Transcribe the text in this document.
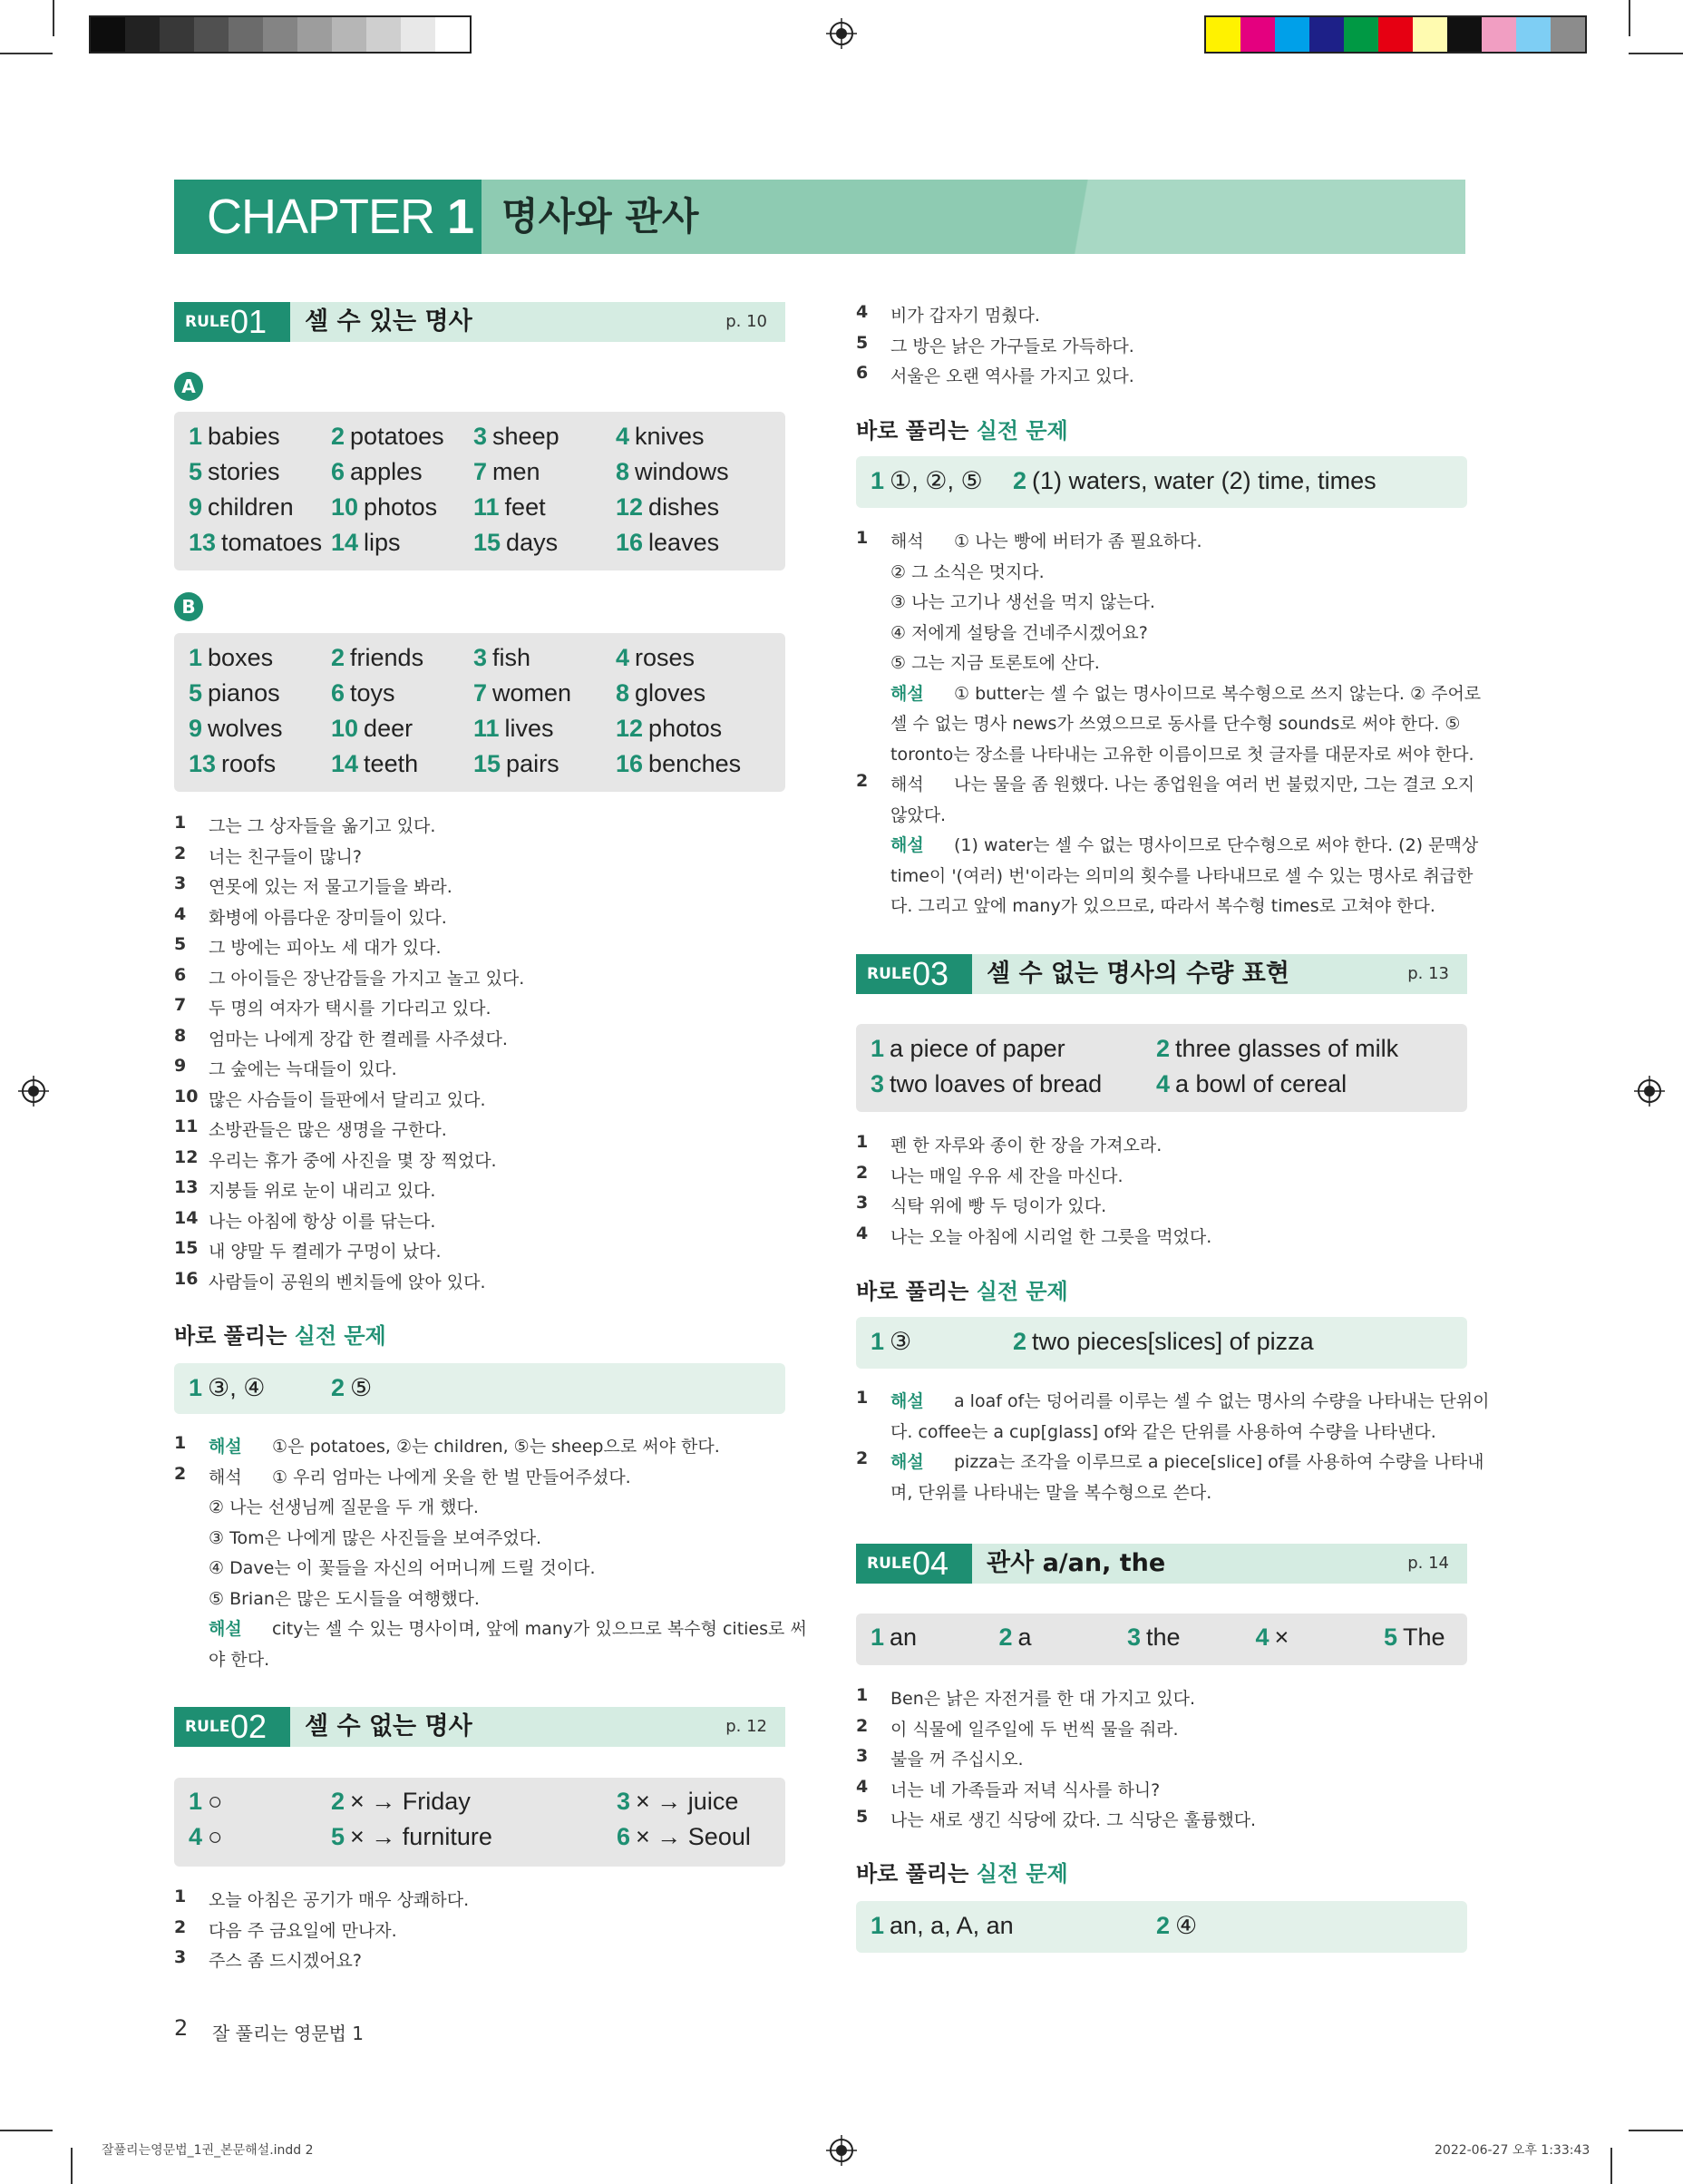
CHAPTER 1 명사와 관사
RULE 01 셀 수 있는 명사	p. 10
A
B
바로 풀리는 실전 문제
RULE 02 셀 수 없는 명사	p. 12
2 잘 풀리는 영문법 1
바로 풀리는 실전 문제
RULE 03 셀 수 없는 명사의 수량 표현	p. 13
바로 풀리는 실전 문제
RULE 04 관사 a/an, the	p. 14
바로 풀리는 실전 문제
잘풀리는영문법_1권_본문해설.indd 2	2022-06-27 오후 1:33:43
1 babies 2 potatoes 3 sheep 4 knives
5 stories 6 apples 7 men	8 windows
9 children 10 photos 11 feet	12 dishes
13 tomatoes 14 lips	15 days 16 leaves
1 boxes 2 friends 3 fish	4 roses
5 pianos 6 toys	7 women 8 gloves
9 wolves 10 deer 11 lives	12 photos
13 roofs 14 teeth 15 pairs 16 benches
1 ○	2 × → Friday	3 × → juice
4 ○	5 × → furniture	6 × → Seoul
1 a piece of paper	2 three glasses of milk
3 two loaves of bread 4 a bowl of cereal
1 an	2 a	3 the	4 ×	5 The
1 ③, ④	2 ⑤
1 ①, ②, ⑤ 2 (1) waters, water (2) time, times
1 ③	2 two pieces[slices] of pizza
1 an, a, A, an	2 ④
1 그는 그 상자들을 옮기고 있다.
2 너는 친구들이 많니?
3 연못에 있는 저 물고기들을 봐라.
4 화병에 아름다운 장미들이 있다.
5 그 방에는 피아노 세 대가 있다.
6 그 아이들은 장난감들을 가지고 놀고 있다.
7 두 명의 여자가 택시를 기다리고 있다.
8 엄마는 나에게 장갑 한 켤레를 사주셨다.
9 그 숲에는 늑대들이 있다.
10 많은 사슴들이 들판에서 달리고 있다.
11 소방관들은 많은 생명을 구한다.
12 우리는 휴가 중에 사진을 몇 장 찍었다.
13 지붕들 위로 눈이 내리고 있다.
14 나는 아침에 항상 이를 닦는다.
15 내 양말 두 켤레가 구멍이 났다.
16 사람들이 공원의 벤치들에 앉아 있다.
1 오늘 아침은 공기가 매우 상쾌하다.
2 다음 주 금요일에 만나자.
3 주스 좀 드시겠어요?
4 비가 갑자기 멈췄다.
5 그 방은 낡은 가구들로 가득하다.
6 서울은 오랜 역사를 가지고 있다.
1 펜 한 자루와 종이 한 장을 가져오라.
2 나는 매일 우유 세 잔을 마신다.
3 식탁 위에 빵 두 덩이가 있다.
4 나는 오늘 아침에 시리얼 한 그릇을 먹었다.
1 Ben은 낡은 자전거를 한 대 가지고 있다.
2 이 식물에 일주일에 두 번씩 물을 줘라.
3 불을 꺼 주십시오.
4 너는 네 가족들과 저녁 식사를 하니?
5 나는 새로 생긴 식당에 갔다. 그 식당은 훌륭했다.
1 해설 ①은 potatoes, ②는 children, ⑤는 sheep으로 써야 한다.
2 해석 ① 우리 엄마는 나에게 옷을 한 벌 만들어주셨다.
② 나는 선생님께 질문을 두 개 했다.
③ Tom은 나에게 많은 사진들을 보여주었다.
④ Dave는 이 꽃들을 자신의 어머니께 드릴 것이다.
⑤ Brian은 많은 도시들을 여행했다.
해설 city는 셀 수 있는 명사이며, 앞에 many가 있으므로 복수형 cities로 써
야 한다.
1 해석 ① 나는 빵에 버터가 좀 필요하다.
② 그 소식은 멋지다.
③ 나는 고기나 생선을 먹지 않는다.
④ 저에게 설탕을 건네주시겠어요?
⑤ 그는 지금 토론토에 산다.
해설 ① butter는 셀 수 없는 명사이므로 복수형으로 쓰지 않는다. ② 주어로
셀 수 없는 명사 news가 쓰였으므로 동사를 단수형 sounds로 써야 한다. ⑤
toronto는 장소를 나타내는 고유한 이름이므로 첫 글자를 대문자로 써야 한다.
2 해석 나는 물을 좀 원했다. 나는 종업원을 여러 번 불렀지만, 그는 결코 오지
않았다.
해설 (1) water는 셀 수 없는 명사이므로 단수형으로 써야 한다. (2) 문맥상
time이 '(여러) 번'이라는 의미의 횟수를 나타내므로 셀 수 있는 명사로 취급한
다. 그리고 앞에 many가 있으므로, 따라서 복수형 times로 고쳐야 한다.
1 해설 a loaf of는 덩어리를 이루는 셀 수 없는 명사의 수량을 나타내는 단위이
다. coffee는 a cup[glass] of와 같은 단위를 사용하여 수량을 나타낸다.
2 해설 pizza는 조각을 이루므로 a piece[slice] of를 사용하여 수량을 나타내
며, 단위를 나타내는 말을 복수형으로 쓴다.
